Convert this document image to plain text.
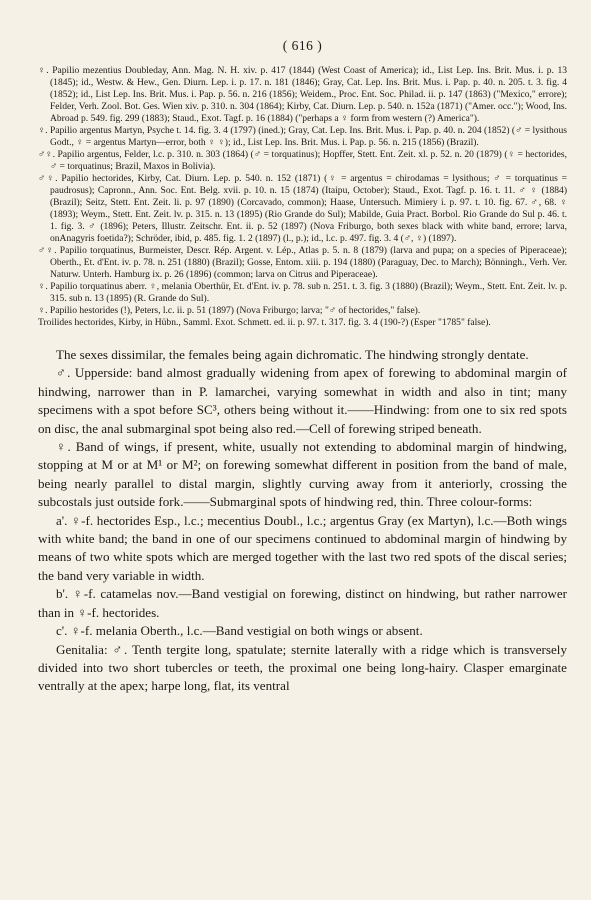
( 616 )

♀. Papilio mezentius Doubleday, Ann. Mag. N. H. xiv. p. 417 (1844) (West Coast of America); id., List Lep. Ins. Brit. Mus. i. p. 13 (1845); id., Westw. & Hew., Gen. Diurn. Lep. i. p. 17. n. 181 (1846); Gray, Cat. Lep. Ins. Brit. Mus. i. Pap. p. 40. n. 205. t. 3. fig. 4 (1852); id., List Lep. Ins. Brit. Mus. i. Pap. p. 56. n. 216 (1856); Weidem., Proc. Ent. Soc. Philad. ii. p. 147 (1863) ("Mexico," errore); Felder, Verh. Zool. Bot. Ges. Wien xiv. p. 310. n. 304 (1864); Kirby, Cat. Diurn. Lep. p. 540. n. 152a (1871) ("Amer. occ."); Wood, Ins. Abroad p. 549. fig. 299 (1883); Staud., Exot. Tagf. p. 16 (1884) ("perhaps a ♀ form from western (?) America").

♀. Papilio argentus Martyn, Psyche t. 14. fig. 3. 4 (1797) (ined.); Gray, Cat. Lep. Ins. Brit. Mus. i. Pap. p. 40. n. 204 (1852) (♂ = lysithous Godt., ♀ = argentus Martyn—error, both ♀ ♀); id., List Lep. Ins. Brit. Mus. i. Pap. p. 56. n. 215 (1856) (Brazil).

♂♀. Papilio argentus, Felder, l.c. p. 310. n. 303 (1864) (♂ = torquatinus); Hopffer, Stett. Ent. Zeit. xl. p. 52. n. 20 (1879) (♀ = hectorides, ♂ = torquatinus; Brazil, Maxos in Bolivia).

♂♀. Papilio hectorides, Kirby, Cat. Diurn. Lep. p. 540. n. 152 (1871) (♀ = argentus = chirodamas = lysithous; ♂ = torquatinus = paudrosus); Capronn., Ann. Soc. Ent. Belg. xvii. p. 10. n. 15 (1874) (Itaipu, October); Staud., Exot. Tagf. p. 16. t. 11. ♂ ♀ (1884) (Brazil); Seitz, Stett. Ent. Zeit. li. p. 97 (1890) (Corcavado, common); Haase, Untersuch. Mimiery i. p. 97. t. 10. fig. 67. ♂, 68. ♀ (1893); Weym., Stett. Ent. Zeit. lv. p. 315. n. 13 (1895) (Rio Grande do Sul); Mabilde, Guia Pract. Borbol. Rio Grande do Sul p. 46. t. 1. fig. 3. ♂ (1896); Peters, Illustr. Zeitschr. Ent. ii. p. 52 (1897) (Nova Friburgo, both sexes black with white band, errore; larva, onAnagyris foetida?); Schröder, ibid, p. 485. fig. 1. 2 (1897) (l., p.); id., l.c. p. 497. fig. 3. 4 (♂, ♀) (1897).

♂♀. Papilio torquatinus, Burmeister, Descr. Rép. Argent. v. Lép., Atlas p. 5. n. 8 (1879) (larva and pupa; on a species of Piperaceae); Oberth., Et. d'Ent. iv. p. 78. n. 251 (1880) (Brazil); Gosse, Entom. xiii. p. 194 (1880) (Paraguay, Dec. to March); Bönningh., Verh. Ver. Naturw. Unterh. Hamburg ix. p. 26 (1896) (common; larva on Citrus and Piperaceae).

♀. Papilio torquatinus aberr. ♀, melania Oberthür, Et. d'Ent. iv. p. 78. sub n. 251. t. 3. fig. 3 (1880) (Brazil); Weym., Stett. Ent. Zeit. lv. p. 315. sub n. 13 (1895) (R. Grande do Sul).

♀. Papilio hestorides (!), Peters, l.c. ii. p. 51 (1897) (Nova Friburgo; larva; "♂ of hectorides," false).

Troilides hectorides, Kirby, in Hübn., Samml. Exot. Schmett. ed. ii. p. 97. t. 317. fig. 3. 4 (190-?) (Esper "1785" false).

The sexes dissimilar, the females being again dichromatic. The hindwing strongly dentate.

♂. Upperside: band almost gradually widening from apex of forewing to abdominal margin of hindwing, narrower than in P. lamarchei, varying somewhat in width and also in tint; many specimens with a spot before SC³, others being without it.——Hindwing: from one to six red spots on disc, the anal submarginal spot being also red.—Cell of forewing striped beneath.

♀. Band of wings, if present, white, usually not extending to abdominal margin of hindwing, stopping at M or at M¹ or M²; on forewing somewhat different in position from the band of male, being nearly parallel to distal margin, slightly curving away from it anteriorly, crossing the subcostals just outside fork.——Submarginal spots of hindwing red, thin. Three colour-forms:

a'. ♀-f. hectorides Esp., l.c.; mecentius Doubl., l.c.; argentus Gray (ex Martyn), l.c.—Both wings with white band; the band in one of our specimens continued to abdominal margin of hindwing by means of two white spots which are merged together with the last two red spots of the discal series; the band very variable in width.

b'. ♀-f. catamelas nov.—Band vestigial on forewing, distinct on hindwing, but rather narrower than in ♀-f. hectorides.

c'. ♀-f. melania Oberth., l.c.—Band vestigial on both wings or absent.

Genitalia: ♂. Tenth tergite long, spatulate; sternite laterally with a ridge which is transversely divided into two short tubercles or teeth, the proximal one being long-hairy. Clasper emarginate ventrally at the apex; harpe long, flat, its ventral
